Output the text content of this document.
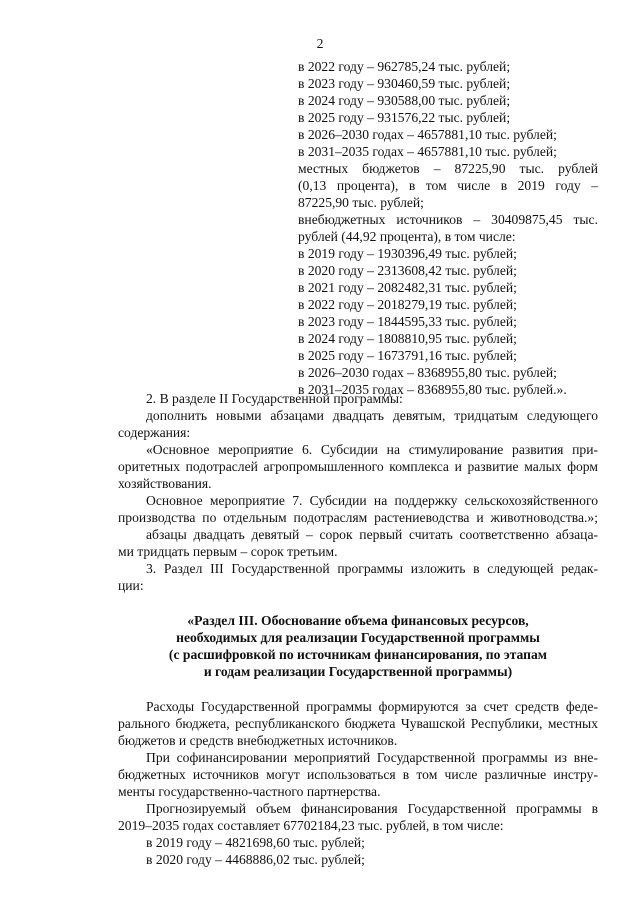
2
в 2022 году – 962785,24 тыс. рублей;
в 2023 году – 930460,59 тыс. рублей;
в 2024 году – 930588,00 тыс. рублей;
в 2025 году – 931576,22 тыс. рублей;
в 2026–2030 годах – 4657881,10 тыс. рублей;
в 2031–2035 годах – 4657881,10 тыс. рублей;
местных бюджетов – 87225,90 тыс. рублей
(0,13 процента), в том числе в 2019 году –
87225,90 тыс. рублей;
внебюджетных источников – 30409875,45 тыс.
рублей (44,92 процента), в том числе:
в 2019 году – 1930396,49 тыс. рублей;
в 2020 году – 2313608,42 тыс. рублей;
в 2021 году – 2082482,31 тыс. рублей;
в 2022 году – 2018279,19 тыс. рублей;
в 2023 году – 1844595,33 тыс. рублей;
в 2024 году – 1808810,95 тыс. рублей;
в 2025 году – 1673791,16 тыс. рублей;
в 2026–2030 годах – 8368955,80 тыс. рублей;
в 2031–2035 годах – 8368955,80 тыс. рублей.».
2. В разделе II Государственной программы:
дополнить новыми абзацами двадцать девятым, тридцатым следующего
содержания:
«Основное мероприятие 6. Субсидии на стимулирование развития при-
оритетных подотраслей агропромышленного комплекса и развитие малых форм
хозяйствования.
Основное мероприятие 7. Субсидии на поддержку сельскохозяйственного
производства по отдельным подотраслям растениеводства и животноводства.»;
абзацы двадцать девятый – сорок первый считать соответственно абзаца-
ми тридцать первым – сорок третьим.
3. Раздел III Государственной программы изложить в следующей редак-
ции:
«Раздел III. Обоснование объема финансовых ресурсов,
необходимых для реализации Государственной программы
(с расшифровкой по источникам финансирования, по этапам
и годам реализации Государственной программы)
Расходы Государственной программы формируются за счет средств феде-
рального бюджета, республиканского бюджета Чувашской Республики, местных
бюджетов и средств внебюджетных источников.
При софинансировании мероприятий Государственной программы из вне-
бюджетных источников могут использоваться в том числе различные инстру-
менты государственно-частного партнерства.
Прогнозируемый объем финансирования Государственной программы в
2019–2035 годах составляет 67702184,23 тыс. рублей, в том числе:
в 2019 году – 4821698,60 тыс. рублей;
в 2020 году – 4468886,02 тыс. рублей;
